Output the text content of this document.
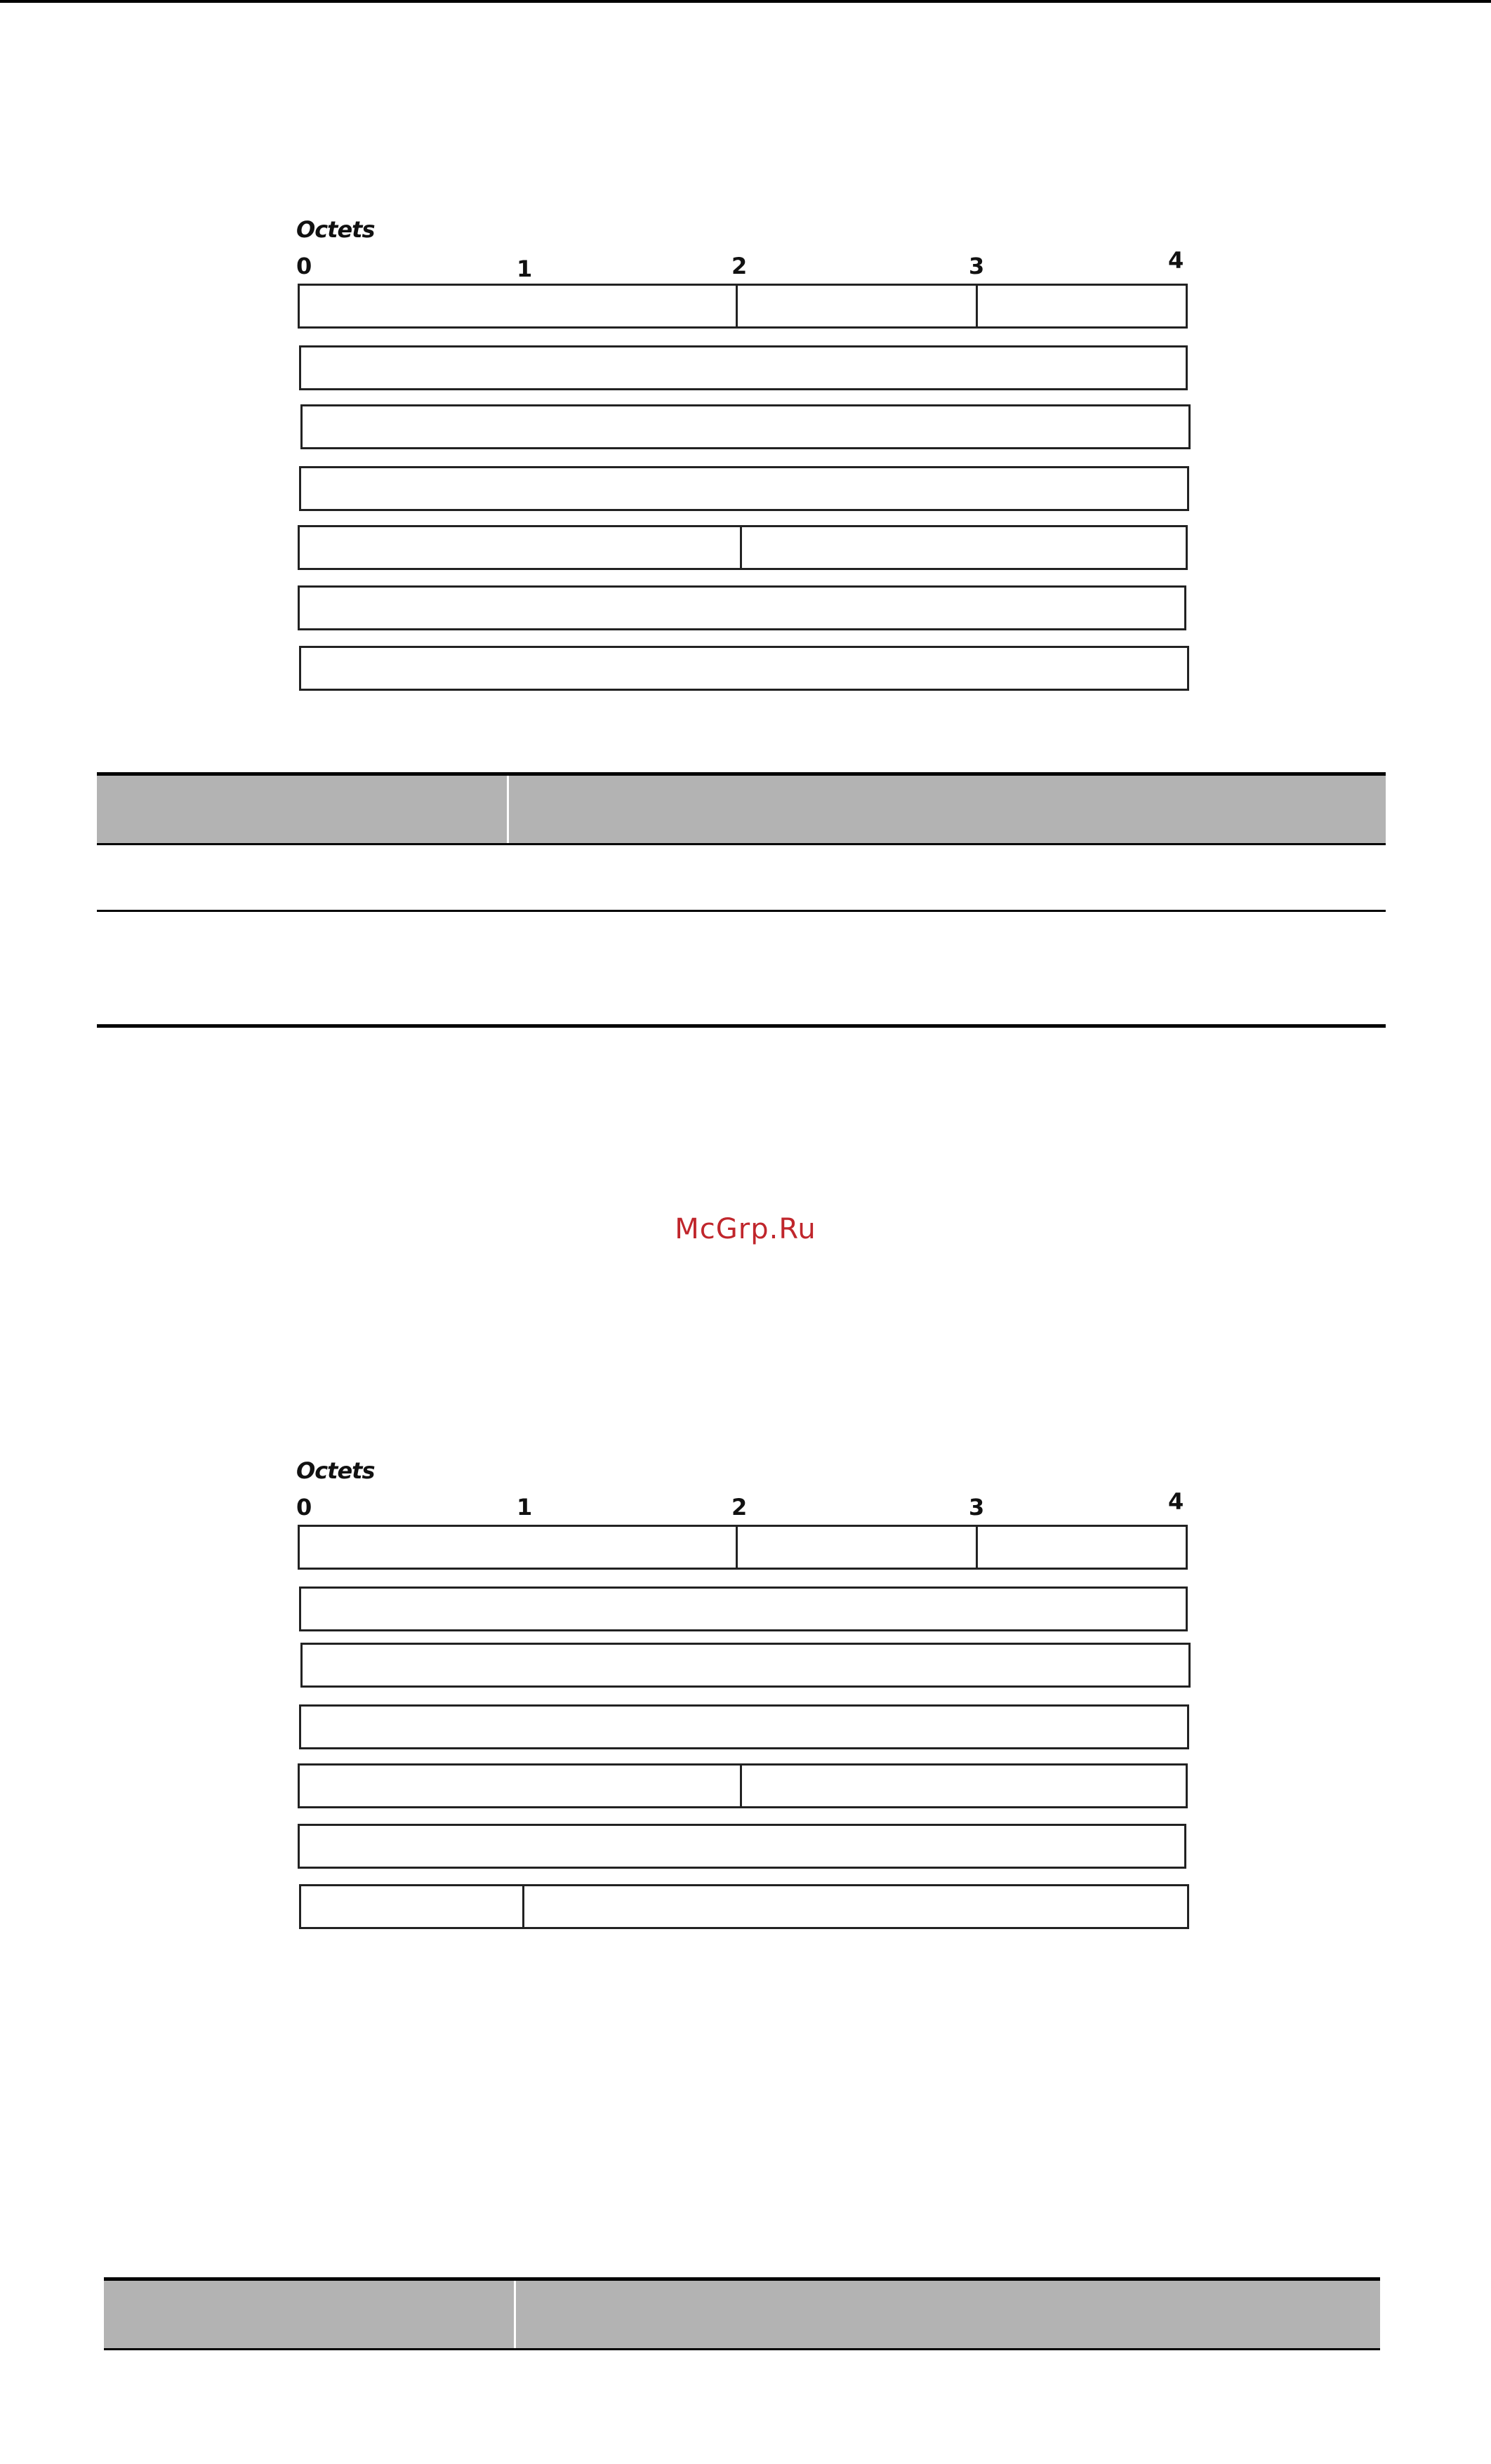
Octets
0	1	2	3	4
McGrp.Ru
Octets
0	1	2	3	4
